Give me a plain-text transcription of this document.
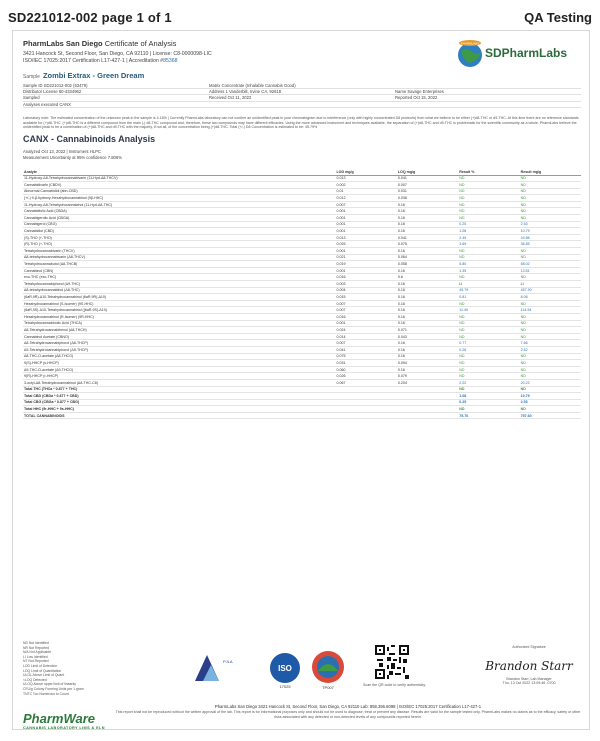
SD221012-002 page 1 of 1	QA Testing
PharmLabs San Diego Certificate of Analysis
3421 Hancock St, Second Floor, San Diego, CA 92110 | License: C8-0000098-LIC
ISO/IEC 17025:2017 Certification L17-427-1 | Accreditation #85368
PHARMLABS
SDPharmLabs
Sample Zombi Extrax - Green Dream
Sample ID SD221012-002 (53479)	Matrix Concentrate (Inhalable Cannabis Good)
Distributor License 60-4334962	Address 1 Vanderbilt, Irvine CA, 92618	Name Savage Enterprises
Sampled	Received Oct 11, 2022	Reported Oct 15, 2022
Analyses executed CANX
Laboratory note: The estimated concentration of the unknown peak in the sample is 4.18% | Currently PharmLabs laboratory can not confirm an unidentified peak in your chromatogram due to interference (only with highly concentrated D8 products) from what we believe to be either (+)d8-THC or d9-THC. At this time there are no reference standards available for (+)d8-THC. (+)d8-THC is a different compound from the main (-) d8-THC compound and, therefore, these two compounds may have different efficacies. Using the more advanced instrument and techniques available, the separation of (+)d8-THC and d9-THC is problematic for the scientific community as a whole. PharmLabs believe the unidentified peak to be a combination of (+)d8-THC and d9-THC with the majority, if not all, of the concentration being (+)d8-THC. Total (+/-) D8 Concentration is estimated to be: 45.79%
CANX - Cannabinoids Analysis
Analyzed Oct 13, 2022 | Instrument HLPC
Measurement Uncertainty at 95% confidence 7.806%
Analyte	LOD mg/g	LOQ mg/g	Result %	Result mg/g
11-Hydroxy-Δ8-Tetrahydrocannabivarin (11-Hyd-Δ8-THCV)	0.013	0.041	ND	ND
Cannabidivarin (CBDV)	0.002	0.007	ND	ND
Abnormal Cannabidiol (abn-CBD)	0.01	0.031	ND	ND
(+/-) 9-β-hydroxy-Hexahydrocannabinol (9β-HHC)	0.012	0.036	ND	ND
11-Hydroxy-Δ8-Tetrahydrocannabinol (11-Hyd-Δ8-THC)	0.007	0.16	ND	ND
Cannabidiolic Acid (CBDA)	0.001	0.16	ND	ND
Cannabigerolic Acid (CBGA)	0.001	0.16	ND	ND
Cannabigerol (CBG)	0.001	0.16	0.25	2.53
Cannabidiol (CBD)	0.001	0.16	1.08	10.79
(S)-THO (+-THO)	0.013	0.041	2.49	24.86
(R)-THO (+-THO)	0.025	0.075	3.69	36.85
Tetrahydrocannabivarin (THCV)	0.001	0.16	ND	ND
Δ8-tetrahydrocannabivarin (Δ8-THCV)	0.021	0.064	ND	ND
Tetrahydrocannabutol (Δ8-THCB)	0.019	0.058	5.80	58.02
Cannabinol (CBN)	0.001	0.16	1.35	13.51
exo-THC (exo-THC)	0.016	0.6	ND	ND
Tetrahydrocannabiphorol (Δ9-THC)	0.003	0.16	LI	LI
Δ8-tetrahydrocannabinol (Δ8-THC)	0.004	0.16	45.79	457.90
(6aR,9R)-Δ10-Tetrahydrocannabinol (6aR,9R)-Δ10)	0.015	0.16	0.81	8.06
Hexahydrocannabinol (S-Isomer) (9S-HHC)	0.007	0.16	ND	ND
(6aR,9S)-Δ10-Tetrahydrocannabinol ((6aR,9S)-Δ10)	0.007	0.16	11.49	114.94
Hexahydrocannabinol (R-Isomer) (9R-HHC)	0.016	0.16	ND	ND
Tetrahydrocannabinolic Acid (THCA)	0.001	0.16	ND	ND
Δ8-Tetrahydrocannabihexol (Δ8-THCH)	0.024	0.071	ND	ND
Cannabinol Acetate (CBNO)	0.014	0.043	ND	ND
Δ8-Tetrahydrocannabiphorol (Δ8-THCP)	0.007	0.16	0.77	7.66
Δ9-Tetrahydrocannabiphorol (Δ9-THCP)	0.041	0.16	0.26	2.62
Δ8-THC-O-acetate (Δ8-THCO)	0.075	0.16	ND	ND
9(S)-HHCP (s-HHCP)	0.031	0.094	ND	ND
Δ9-THC-O-acetate (Δ9-THCO)	0.060	0.16	ND	ND
9(R)-HHCP (r-HHCP)	0.026	0.079	ND	ND
3-octyl-Δ8-Tetrahydrocannabinol (Δ8-THC-C8)	0.067	0.204	2.02	20.22
Total THC (THCa * 0.877 + THC)			ND	ND
Total CBD (CBDa * 0.877 + CBD)			1.08	10.79
Total CBG (CBGa * 0.877 + CBG)			0.25	2.53
Total HHC (9r-HHC + 9s-HHC)			ND	ND
TOTAL CANNABINOIDS			75.76	757.60
ND Not Identified
NR Not Reported
N/A Not Applicable
LI Low Identified
NT Not Reported
LOD Limit of Detection
LOQ Limit of Quantitation
ULOL Above Limit of Quant
<LOQ Detected
ULOQ Above upper limit of linearity
CFU/g Colony Forming Units per 1 gram
TNTC Too Numerous to Count
PJLA
ISO
17025	TP007	Scan the QR code to verify authenticity.
Authorized Signature
Brandon Starr
Brandon Starr, Lab Manager
Thu, 13 Oct 2022 13:09:46 -0700
PharmWare
CANNABIS LABORATORY LIMS & ELN
PharmLabs San Diego 3421 Hancock St, Second Floor, San Diego, CA 92110 Lab: 858.356.6098 | ISO/IEC 17025:2017 Certification L17-427-1
This report shall not be reproduced without the written approval of the lab. This report is for informational purposes only and should not be used to diagnose, treat or prevent any disease. Results are valid for the sample tested only. PharmLabs makes no claims as to the efficacy, safety or other risks associated with any detected or non-detected levels of any compounds reported herein.
